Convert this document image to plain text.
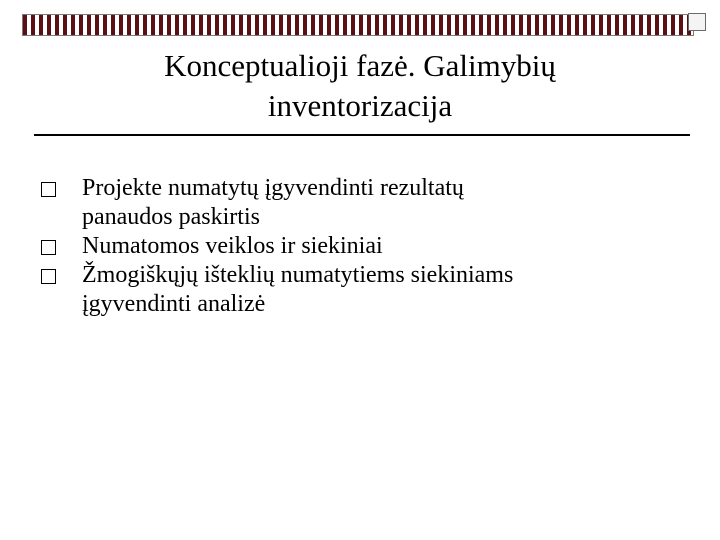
Konceptualioji fazė. Galimybių
inventorizacija
Projekte numatytų įgyvendinti rezultatų
panaudos paskirtis
Numatomos veiklos ir siekiniai
Žmogiškųjų išteklių numatytiems siekiniams
įgyvendinti analizė
